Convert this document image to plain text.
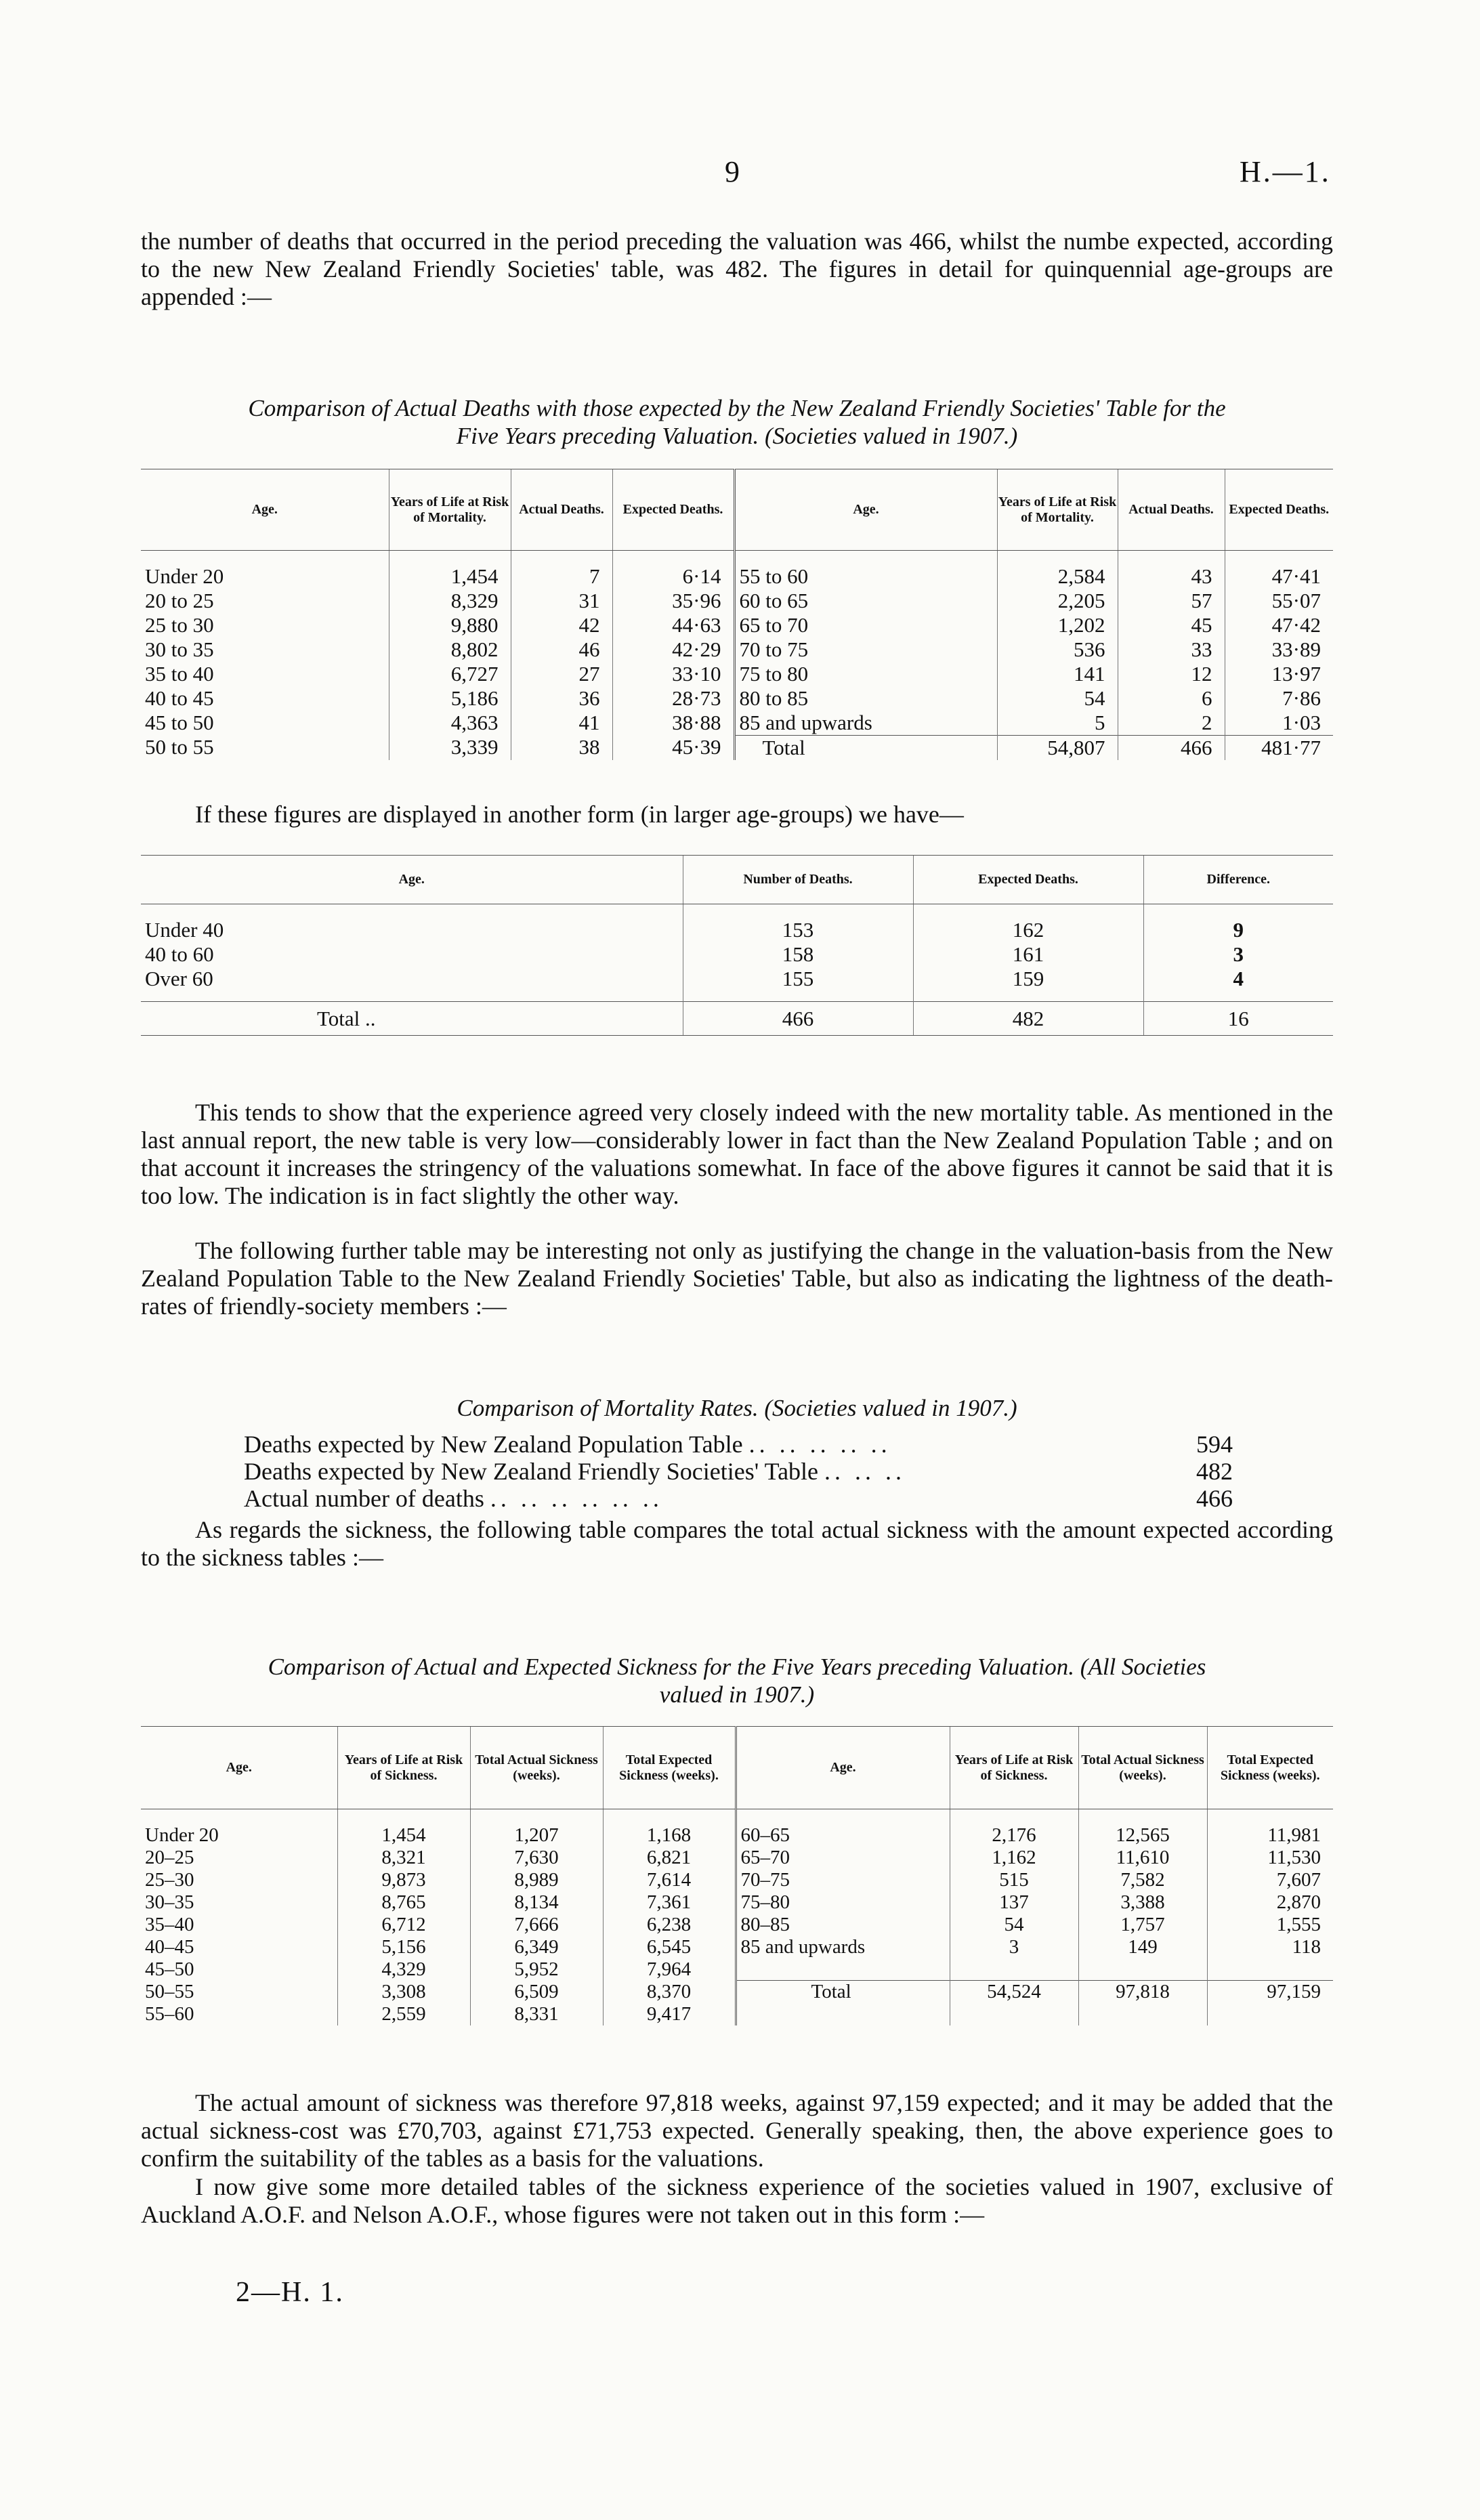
9	H.—1.
the number of deaths that occurred in the period preceding the valuation was 466, whilst the numbe expected, according to the new New Zealand Friendly Societies' table, was 482. The figures in detail for quinquennial age-groups are appended :—
Comparison of Actual Deaths with those expected by the New Zealand Friendly Societies' Table for the
Five Years preceding Valuation. (Societies valued in 1907.)
Age.	Years of Life at Risk of Mortality.	Actual Deaths.	Expected Deaths.	Age.	Years of Life at Risk of Mortality.	Actual Deaths.	Expected Deaths.

Under 20	1,454	7	6·14	55 to 60	2,584	43	47·41
20 to 25	8,329	31	35·96	60 to 65	2,205	57	55·07
25 to 30	9,880	42	44·63	65 to 70	1,202	45	47·42
30 to 35	8,802	46	42·29	70 to 75	536	33	33·89
35 to 40	6,727	27	33·10	75 to 80	141	12	13·97
40 to 45	5,186	36	28·73	80 to 85	54	6	7·86
45 to 50	4,363	41	38·88	85 and upwards	5	2	1·03
50 to 55	3,339	38	45·39	Total	54,807	466	481·77
If these figures are displayed in another form (in larger age-groups) we have—
Age.	Number of Deaths.	Expected Deaths.	Difference.

Under 40	153	162	9
40 to 60	158	161	3
Over 60	155	159	4

Total ..	466	482	16
This tends to show that the experience agreed very closely indeed with the new mortality table. As mentioned in the last annual report, the new table is very low—considerably lower in fact than the New Zealand Population Table ; and on that account it increases the stringency of the valuations somewhat. In face of the above figures it cannot be said that it is too low. The indication is in fact slightly the other way.
The following further table may be interesting not only as justifying the change in the valuation-basis from the New Zealand Population Table to the New Zealand Friendly Societies' Table, but also as indicating the lightness of the death-rates of friendly-society members :—
Comparison of Mortality Rates. (Societies valued in 1907.)
Deaths expected by New Zealand Population Table .. .. .. .. ..	594
Deaths expected by New Zealand Friendly Societies' Table .. .. ..	482
Actual number of deaths .. .. .. .. .. ..	466
As regards the sickness, the following table compares the total actual sickness with the amount expected according to the sickness tables :—
Comparison of Actual and Expected Sickness for the Five Years preceding Valuation. (All Societies
valued in 1907.)
Age.	Years of Life at Risk of Sickness.	Total Actual Sickness (weeks).	Total Expected Sickness (weeks).	Age.	Years of Life at Risk of Sickness.	Total Actual Sickness (weeks).	Total Expected Sickness (weeks).

Under 20	1,454	1,207	1,168	60–65	2,176	12,565	11,981
20–25	8,321	7,630	6,821	65–70	1,162	11,610	11,530
25–30	9,873	8,989	7,614	70–75	515	7,582	7,607
30–35	8,765	8,134	7,361	75–80	137	3,388	2,870
35–40	6,712	7,666	6,238	80–85	54	1,757	1,555
40–45	5,156	6,349	6,545	85 and upwards	3	149	118
45–50	4,329	5,952	7,964				
50–55	3,308	6,509	8,370	Total	54,524	97,818	97,159
55–60	2,559	8,331	9,417				
The actual amount of sickness was therefore 97,818 weeks, against 97,159 expected; and it may be added that the actual sickness-cost was £70,703, against £71,753 expected. Generally speaking, then, the above experience goes to confirm the suitability of the tables as a basis for the valuations.
I now give some more detailed tables of the sickness experience of the societies valued in 1907, exclusive of Auckland A.O.F. and Nelson A.O.F., whose figures were not taken out in this form :—
2—H. 1.
